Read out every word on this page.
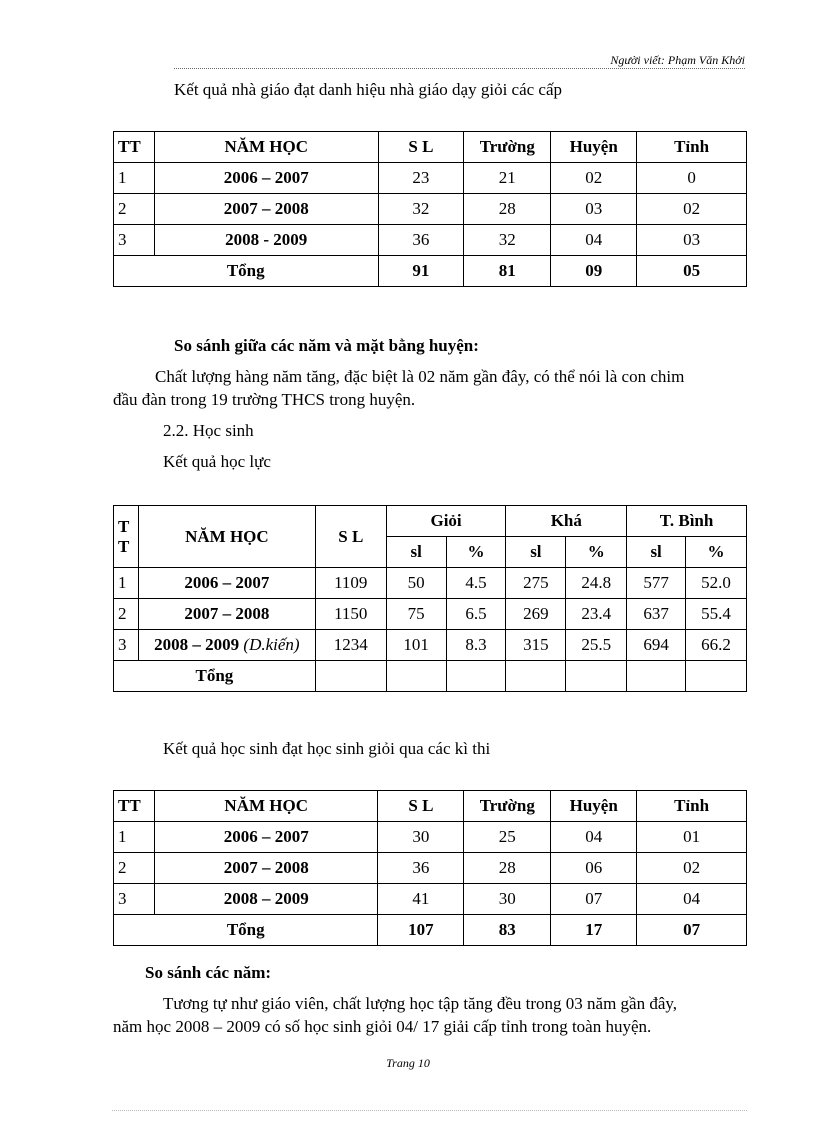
Người viết: Phạm Văn Khởi
Kết quả nhà giáo đạt danh hiệu nhà giáo dạy giỏi các cấp
TT	NĂM HỌC	S L	Trường	Huyện	Tỉnh
1	2006 – 2007	23	21	02	0
2	2007 – 2008	32	28	03	02
3	2008 - 2009	36	32	04	03
Tổng		91	81	09	05
So sánh giữa các năm và mặt bằng huyện:
Chất lượng hàng năm tăng, đặc biệt là 02 năm gần đây, có thể nói là con chim
đầu đàn trong 19 trường THCS trong huyện.
2.2. Học sinh
Kết quả học lực
T T	NĂM HỌC	S L	Giỏi		Khá		T. Bình	
			sl	%	sl	%	sl	%
1	2006 – 2007	1109	50	4.5	275	24.8	577	52.0
2	2007 – 2008	1150	75	6.5	269	23.4	637	55.4
3	2008 – 2009 (D.kiến)	1234	101	8.3	315	25.5	694	66.2
Tổng								
Kết quả học sinh đạt học sinh giỏi qua các kì thi
TT	NĂM HỌC	S L	Trường	Huyện	Tỉnh
1	2006 – 2007	30	25	04	01
2	2007 – 2008	36	28	06	02
3	2008 – 2009	41	30	07	04
Tổng		107	83	17	07
So sánh các năm:
Tương tự như giáo viên, chất lượng học tập tăng đều trong 03 năm gần đây,
năm học 2008 – 2009 có số học sinh giỏi 04/ 17 giải cấp tỉnh trong toàn huyện.
Trang 10
